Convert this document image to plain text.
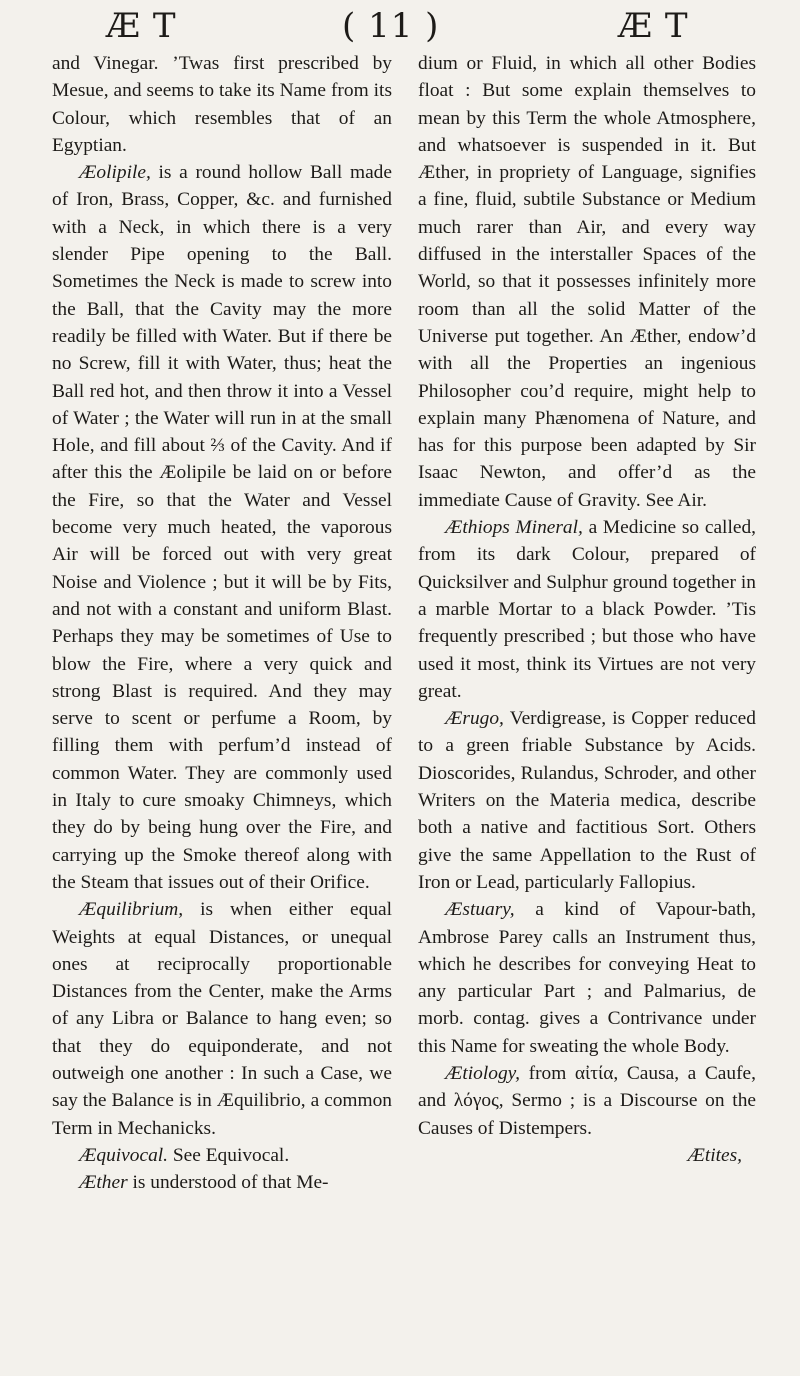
Æ T	( 11 )	Æ T

and Vinegar. ’Twas first prescribed by Mesue, and seems to take its Name from its Colour, which resembles that of an Egyptian.

Æolipile, is a round hollow Ball made of Iron, Brass, Copper, &c. and furnished with a Neck, in which there is a very slender Pipe opening to the Ball. Sometimes the Neck is made to screw into the Ball, that the Cavity may the more readily be filled with Water. But if there be no Screw, fill it with Water, thus; heat the Ball red hot, and then throw it into a Vessel of Water ; the Water will run in at the small Hole, and fill about ⅔ of the Cavity. And if after this the Æolipile be laid on or before the Fire, so that the Water and Vessel become very much heated, the vaporous Air will be forced out with very great Noise and Violence ; but it will be by Fits, and not with a constant and uniform Blast. Perhaps they may be sometimes of Use to blow the Fire, where a very quick and strong Blast is required. And they may serve to scent or perfume a Room, by filling them with perfum’d instead of common Water. They are commonly used in Italy to cure smoaky Chimneys, which they do by being hung over the Fire, and carrying up the Smoke thereof along with the Steam that issues out of their Orifice.

Æquilibrium, is when either equal Weights at equal Distances, or unequal ones at reciprocally proportionable Distances from the Center, make the Arms of any Libra or Balance to hang even; so that they do equiponderate, and not outweigh one another : In such a Case, we say the Balance is in Æquilibrio, a common Term in Mechanicks.

Æquivocal. See Equivocal.

Æther is understood of that Me-

dium or Fluid, in which all other Bodies float : But some explain themselves to mean by this Term the whole Atmosphere, and whatsoever is suspended in it. But Æther, in propriety of Language, signifies a fine, fluid, subtile Substance or Medium much rarer than Air, and every way diffused in the interstaller Spaces of the World, so that it possesses infinitely more room than all the solid Matter of the Universe put together. An Æther, endow’d with all the Properties an ingenious Philosopher cou’d require, might help to explain many Phænomena of Nature, and has for this purpose been adapted by Sir Isaac Newton, and offer’d as the immediate Cause of Gravity. See Air.

Æthiops Mineral, a Medicine so called, from its dark Colour, prepared of Quicksilver and Sulphur ground together in a marble Mortar to a black Powder. ’Tis frequently prescribed ; but those who have used it most, think its Virtues are not very great.

Ærugo, Verdigrease, is Copper reduced to a green friable Substance by Acids. Dioscorides, Rulandus, Schroder, and other Writers on the Materia medica, describe both a native and factitious Sort. Others give the same Appellation to the Rust of Iron or Lead, particularly Fallopius.

Æstuary, a kind of Vapour-bath, Ambrose Parey calls an Instrument thus, which he describes for conveying Heat to any particular Part ; and Palmarius, de morb. contag. gives a Contrivance under this Name for sweating the whole Body.

Ætiology, from αἰτία, Causa, a Caufe, and λόγος, Sermo ; is a Discourse on the Causes of Distempers.

Ætites,
